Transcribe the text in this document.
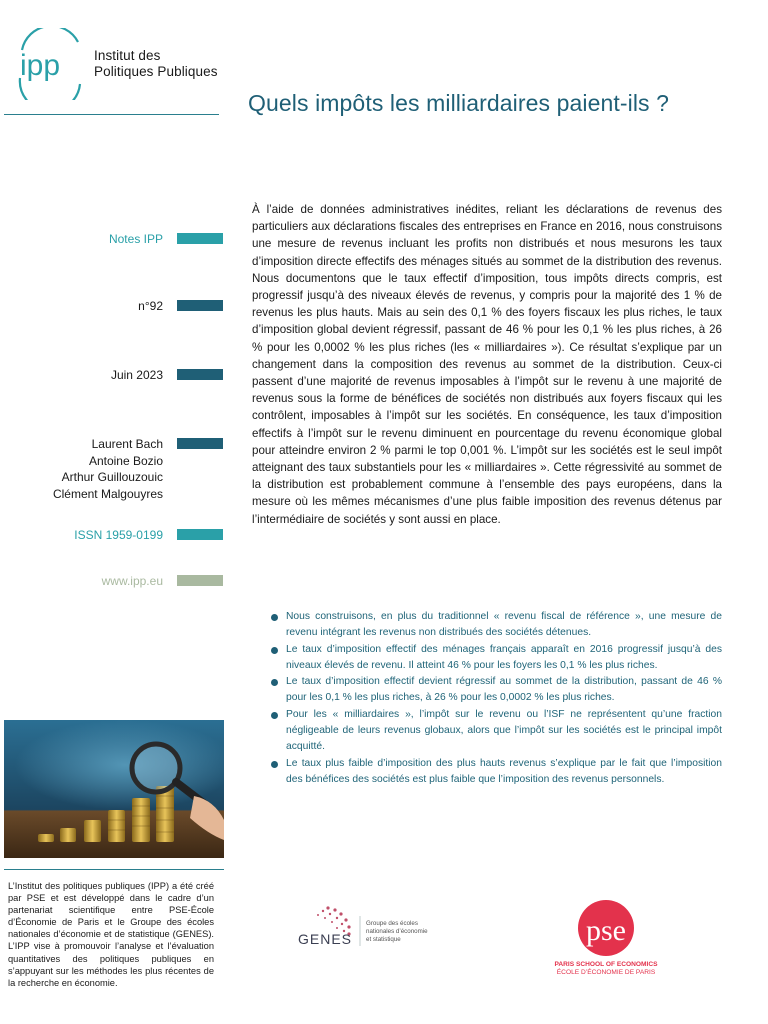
ipp	Institut des
Politiques Publiques
Quels impôts les milliardaires paient-ils ?
Notes IPP
n°92
Juin 2023
Laurent Bach
Antoine Bozio
Arthur Guillouzouic
Clément Malgouyres
ISSN 1959-0199
www.ipp.eu

À l’aide de données administratives inédites, reliant les déclarations de revenus des particuliers aux déclarations fiscales des entreprises en France en 2016, nous construisons une mesure de revenus incluant les profits non distribués et nous mesurons les taux d’imposition directe effectifs des ménages situés au sommet de la distribution des revenus. Nous documentons que le taux effectif d’imposition, tous impôts directs compris, est progressif jusqu’à des niveaux élevés de revenus, y compris pour la majorité des 1 % de revenus les plus hauts. Mais au sein des 0,1 % des foyers fiscaux les plus riches, le taux d’imposition global devient régressif, passant de 46 % pour les 0,1 % les plus riches, à 26 % pour les 0,0002 % les plus riches (les « milliardaires »). Ce résultat s’explique par un changement dans la composition des revenus au sommet de la distribution. Ceux-ci passent d’une majorité de revenus imposables à l’impôt sur le revenu à une majorité de revenus sous la forme de bénéfices de sociétés non distribués aux foyers fiscaux qui les contrôlent, imposables à l’impôt sur les sociétés. En conséquence, les taux d’imposition effectifs à l’impôt sur le revenu diminuent en pourcentage du revenu économique global pour atteindre environ 2 % parmi le top 0,001 %. L’impôt sur les sociétés est le seul impôt atteignant des taux substantiels pour les « milliardaires ». Cette régressivité au sommet de la distribution est probablement commune à l’ensemble des pays européens, dans la mesure où les mêmes mécanismes d’une plus faible imposition des revenus détenus par l’intermédiaire de sociétés y sont aussi en place.

Nous construisons, en plus du traditionnel « revenu fiscal de référence », une mesure de revenu intégrant les revenus non distribués des sociétés détenues.
Le taux d’imposition effectif des ménages français apparaît en 2016 progressif jusqu’à des niveaux élevés de revenu. Il atteint 46 % pour les foyers les 0,1 % les plus riches.
Le taux d’imposition effectif devient régressif au sommet de la distribution, passant de 46 % pour les 0,1 % les plus riches, à 26 % pour les 0,0002 % les plus riches.
Pour les « milliardaires », l’impôt sur le revenu ou l’ISF ne représentent qu’une fraction négligeable de leurs revenus globaux, alors que l’impôt sur les sociétés est le principal impôt acquitté.
Le taux plus faible d’imposition des plus hauts revenus s’explique par le fait que l’imposition des bénéfices des sociétés est plus faible que l’imposition des revenus personnels.

L’Institut des politiques publiques (IPP) a été créé par PSE et est développé dans le cadre d’un partenariat scientifique entre PSE-École d’Économie de Paris et le Groupe des écoles nationales d’économie et de statistique (GENES). L’IPP vise à promouvoir l’analyse et l’évaluation quantitatives des politiques publiques en s’appuyant sur les méthodes les plus récentes de la recherche en économie.

GENES
Groupe des écoles
nationales d’économie
et statistique	pse
PARIS SCHOOL OF ECONOMICS
ÉCOLE D’ÉCONOMIE DE PARIS
